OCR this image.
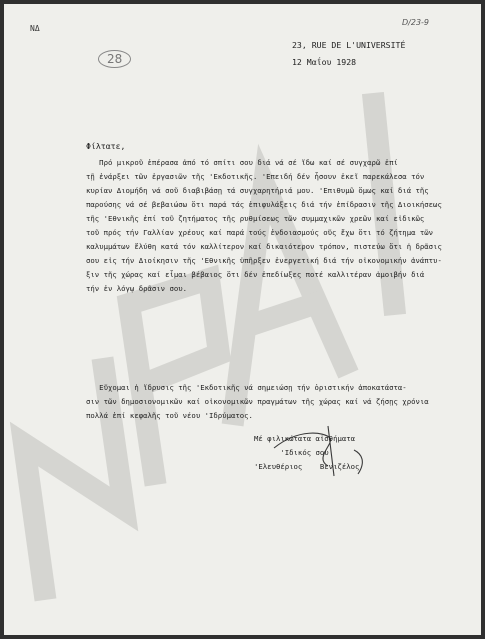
ΝΔ
D/23-9
28
23, RUE DE L'UNIVERSITÉ
12 Μαΐου 1928
Φίλτατε,
Πρό μικροῦ ἐπέρασα ἀπό τό σπίτι σου διά νά σέ ἴδω καί σέ συγχαρῶ ἐπί
τῇ ἐνάρξει τῶν ἐργασιῶν τῆς 'Εκδοτικῆς. 'Επειδή δέν ἦσουν ἐκεῖ παρεκάλεσα τόν
κυρίαν Διομήδη νά σοῦ διαβιβάσῃ τά συγχαρητήριά μου. 'Επιθυμῶ ὅμως καί διά τῆς
παρούσης νά σέ βεβαιώσω ὅτι παρά τάς ἐπιφυλάξεις διά τήν ἐπίδρασιν τῆς Διοικήσεως
τῆς 'Εθνικῆς ἐπί τοῦ ζητήματος τῆς ρυθμίσεως τῶν συμμαχικῶν χρεῶν καί εἰδικῶς
τοῦ πρός τήν Γαλλίαν χρέους καί παρά τούς ἐνδοιασμούς οὕς ἔχω ὅτι τό ζήτημα τῶν
καλυμμάτων ἔλύθη κατά τόν καλλίτερον καί δικαιότερον τρόπον, πιστεύω ὅτι ἡ δρᾶσις
σου εἰς τήν Διοίκησιν τῆς 'Εθνικῆς ὑπῆρξεν ἐνεργετική διά τήν οἰκονομικήν ἀνάπτυ-
ξιν τῆς χώρας καί εἶμαι βέβαιος ὅτι δέν ἐπεδίωξες ποτέ καλλιτέραν ἀμοιβήν διά
τήν ἐν λόγῳ δρᾶσιν σου.
Εὔχομαι ἡ ἵδρυσις τῆς 'Εκδοτικῆς νά σημειώσῃ τήν ὁριστικήν ἀποκατάστα-
σιν τῶν δημοσιονομικῶν καί οἰκονομικῶν πραγμάτων τῆς χώρας καί νά ζήσῃς χρόνια
πολλά ἐπί κεφαλῆς τοῦ νέου 'Ιδρύματος.
Μέ φιλικώτατα αἰσθήματα
'Ιδικός σου
'Ελευθέριος    Βενιζέλος
